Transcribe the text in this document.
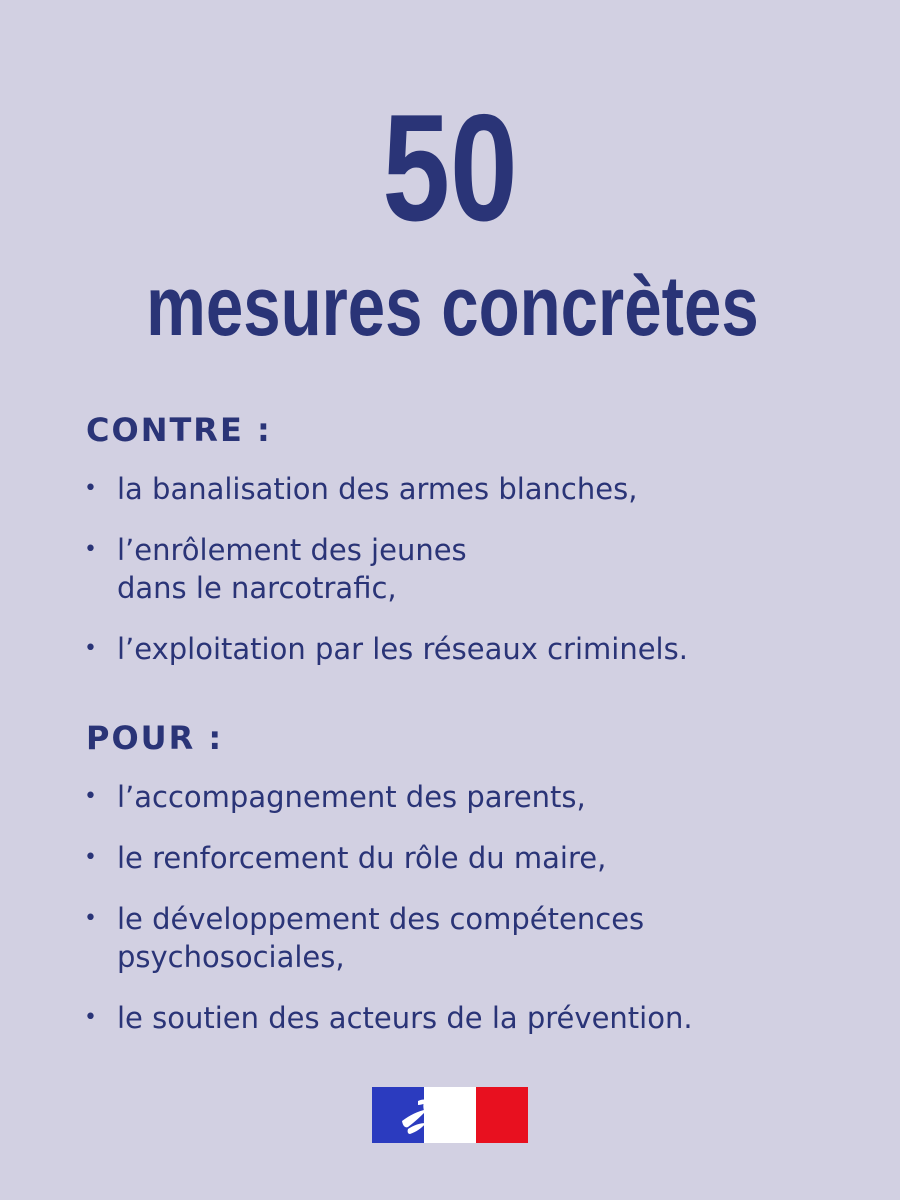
50
mesures concrètes
CONTRE :
• la banalisation des armes blanches,
• l’enrôlement des jeunes
dans le narcotrafic,
• l’exploitation par les réseaux criminels.
POUR :
• l’accompagnement des parents,
• le renforcement du rôle du maire,
• le développement des compétences
psychosociales,
• le soutien des acteurs de la prévention.
